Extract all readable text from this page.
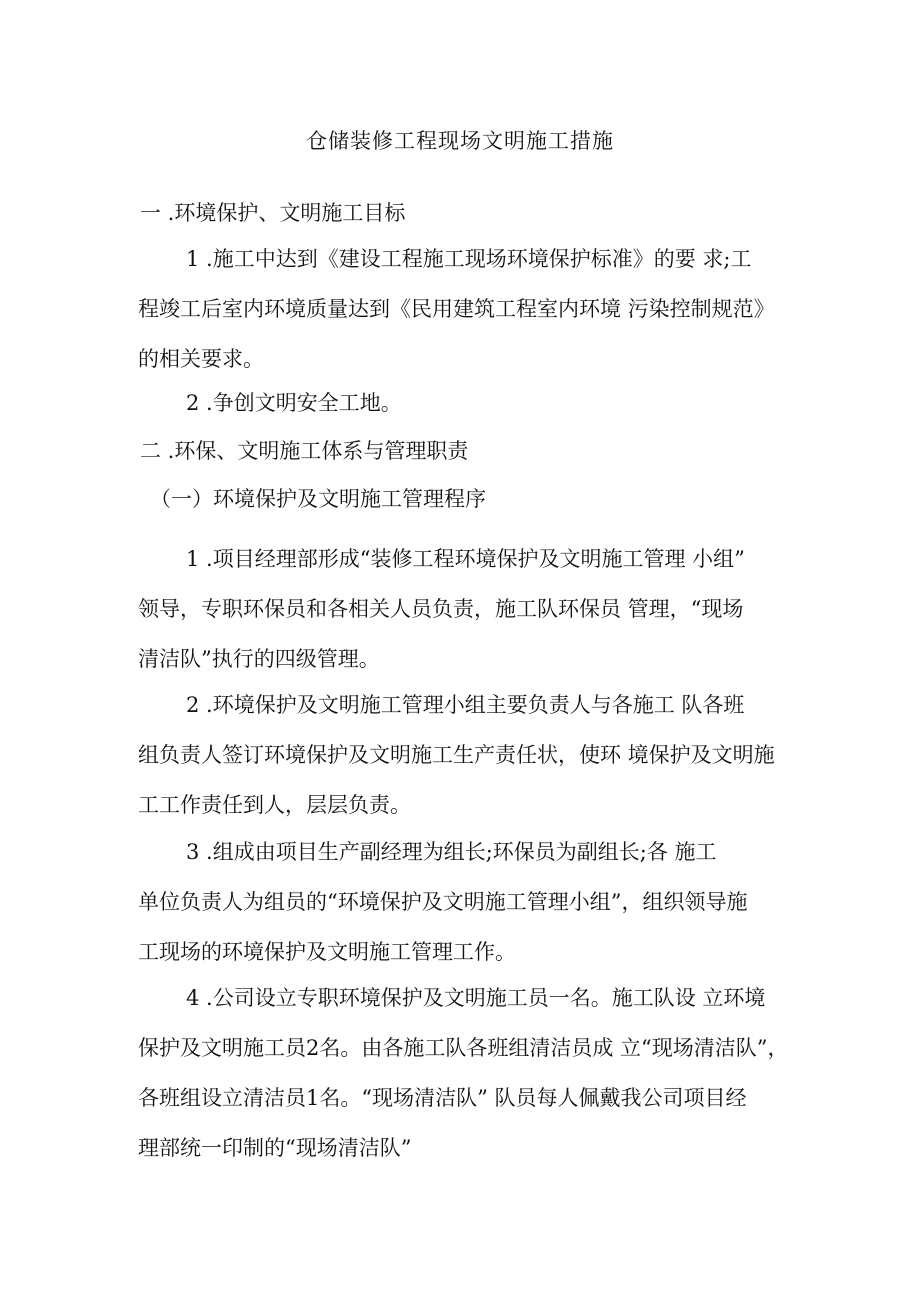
仓储装修工程现场文明施工措施
一 .环境保护、文明施工目标
1 .施工中达到《建设工程施工现场环境保护标准》的要 求;工
程竣工后室内环境质量达到《民用建筑工程室内环境 污染控制规范》
的相关要求。
2 .争创文明安全工地。
二 .环保、文明施工体系与管理职责
（一）环境保护及文明施工管理程序
1 .项目经理部形成“装修工程环境保护及文明施工管理 小组”
领导，专职环保员和各相关人员负责，施工队环保员 管理，“现场
清洁队”执行的四级管理。
2 .环境保护及文明施工管理小组主要负责人与各施工 队各班
组负责人签订环境保护及文明施工生产责任状，使环 境保护及文明施
工工作责任到人，层层负责。
3 .组成由项目生产副经理为组长;环保员为副组长;各 施工
单位负责人为组员的“环境保护及文明施工管理小组”，组织领导施
工现场的环境保护及文明施工管理工作。
4 .公司设立专职环境保护及文明施工员一名。施工队设 立环境
保护及文明施工员2名。由各施工队各班组清洁员成 立“现场清洁队”，
各班组设立清洁员1名。“现场清洁队” 队员每人佩戴我公司项目经
理部统一印制的“现场清洁队”
